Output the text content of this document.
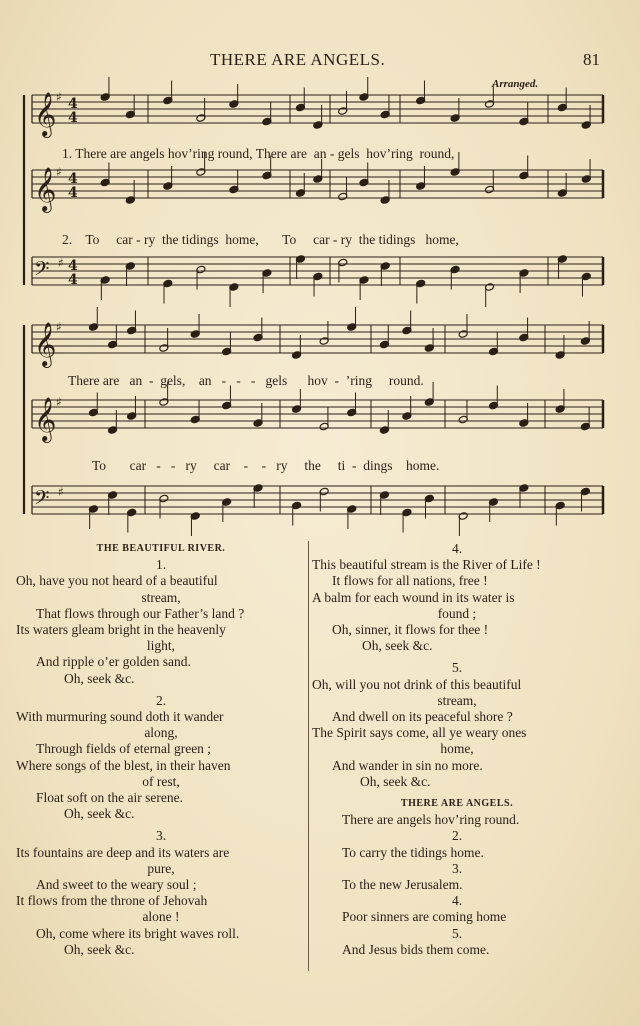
THERE ARE ANGELS.	81
Arranged.
𝄞 ♯ 4
4
𝄞 ♯ 4
4
𝄢 ♯ 4
4
𝄞 ♯
𝄞 ♯
𝄢 ♯
1. There are angels hov’ring round, There are  an - gels  hov’ring  round,
2.    To     car - ry  the tidings  home,       To     car - ry  the tidings   home,
There are   an  -  gels,    an   -   -   -   gels      hov  -  ’ring     round.
To       car   -   -   ry     car    -    -   ry     the     ti  -  dings    home.
THE BEAUTIFUL RIVER.
1.
Oh, have you not heard of a beautiful
stream,
That flows through our Father’s land ?
Its waters gleam bright in the heavenly
light,
And ripple o’er golden sand.
Oh, seek &c.
2.
With murmuring sound doth it wander
along,
Through fields of eternal green ;
Where songs of the blest, in their haven
of rest,
Float soft on the air serene.
Oh, seek &c.
3.
Its fountains are deep and its waters are
pure,
And sweet to the weary soul ;
It flows from the throne of Jehovah
alone !
Oh, come where its bright waves roll.
Oh, seek &c.
4.
This beautiful stream is the River of Life !
It flows for all nations, free !
A balm for each wound in its water is
found ;
Oh, sinner, it flows for thee !
Oh, seek &c.
5.
Oh, will you not drink of this beautiful
stream,
And dwell on its peaceful shore ?
The Spirit says come, all ye weary ones
home,
And wander in sin no more.
Oh, seek &c.
THERE ARE ANGELS.
There are angels hov’ring round.
2.
To carry the tidings home.
3.
To the new Jerusalem.
4.
Poor sinners are coming home
5.
And Jesus bids them come.
